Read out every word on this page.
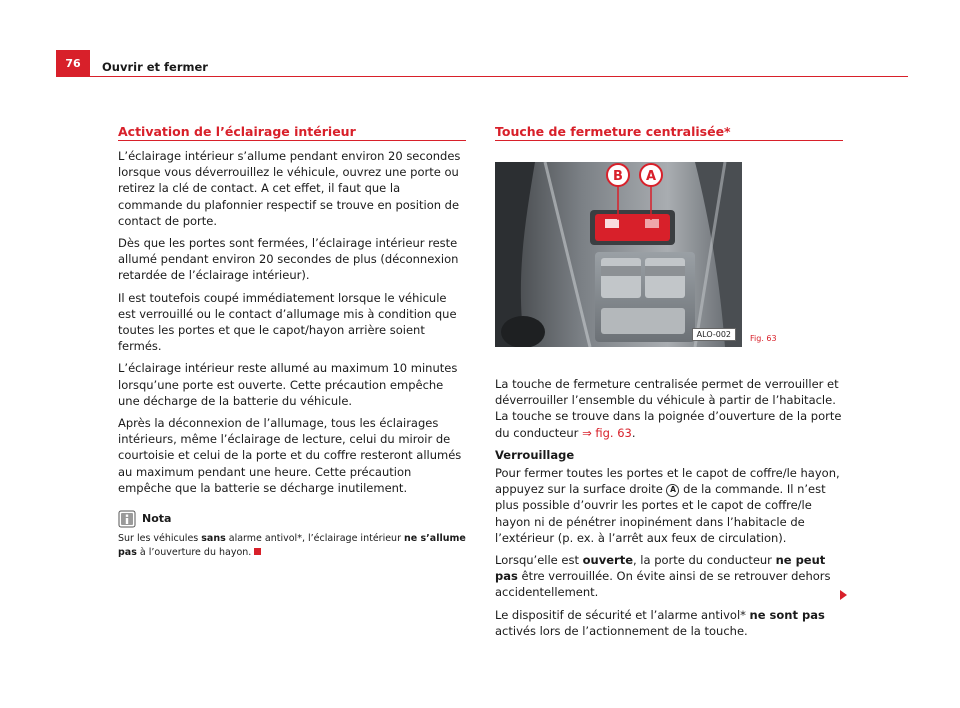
76	Ouvrir et fermer
Activation de l’éclairage intérieur

L’éclairage intérieur s’allume pendant environ 20 secondes lorsque vous déverrouillez le véhicule, ouvrez une porte ou retirez la clé de contact. A cet effet, il faut que la commande du plafonnier respectif se trouve en position de contact de porte.

Dès que les portes sont fermées, l’éclairage intérieur reste allumé pendant environ 20 secondes de plus (déconnexion retardée de l’éclairage intérieur).

Il est toutefois coupé immédiatement lorsque le véhicule est verrouillé ou le contact d’allumage mis à condition que toutes les portes et que le capot/hayon arrière soient fermés.

L’éclairage intérieur reste allumé au maximum 10 minutes lorsqu’une porte est ouverte. Cette précaution empêche une décharge de la batterie du véhicule.

Après la déconnexion de l’allumage, tous les éclairages intérieurs, même l’éclairage de lecture, celui du miroir de courtoisie et celui de la porte et du coffre resteront allumés au maximum pendant une heure. Cette précaution empêche que la batterie se décharge inutilement.

Nota
Sur les véhicules sans alarme antivol*, l’éclairage intérieur ne s’allume pas à l’ouverture du hayon.
Touche de fermeture centralisée*
B A
ALO-002	Fig. 63

La touche de fermeture centralisée permet de verrouiller et déverrouiller l’ensemble du véhicule à partir de l’habitacle. La touche se trouve dans la poignée d’ouverture de la porte du conducteur ⇒ fig. 63.

Verrouillage

Pour fermer toutes les portes et le capot de coffre/le hayon, appuyez sur la surface droite A de la commande. Il n’est plus possible d’ouvrir les portes et le capot de coffre/le hayon ni de pénétrer inopinément dans l’habitacle de l’extérieur (p. ex. à l’arrêt aux feux de circulation).

Lorsqu’elle est ouverte, la porte du conducteur ne peut pas être verrouillée. On évite ainsi de se retrouver dehors accidentellement.

Le dispositif de sécurité et l’alarme antivol* ne sont pas activés lors de l’actionnement de la touche.
